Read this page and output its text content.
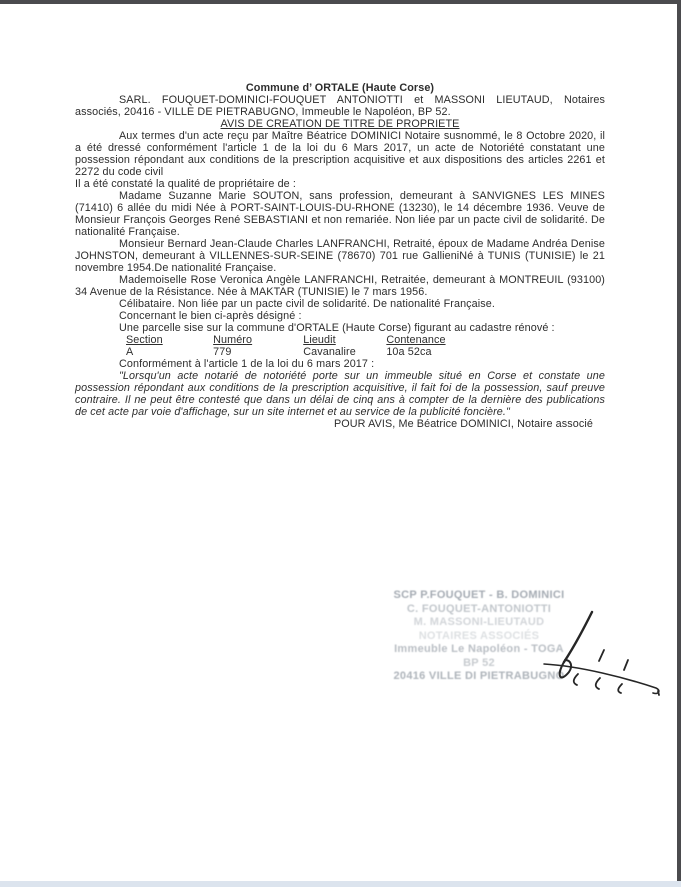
Commune d’ ORTALE (Haute Corse)

SARL. FOUQUET-DOMINICI-FOUQUET ANTONIOTTI et MASSONI LIEUTAUD, Notaires associés, 20416 - VILLE DE PIETRABUGNO, Immeuble le Napoléon, BP 52.

AVIS DE CREATION DE TITRE DE PROPRIETE

Aux termes d'un acte reçu par Maître Béatrice DOMINICI Notaire susnommé, le 8 Octobre 2020, il a été dressé conformément l'article 1 de la loi du 6 Mars 2017, un acte de Notoriété constatant une possession répondant aux conditions de la prescription acquisitive et aux dispositions des articles 2261 et 2272 du code civil

Il a été constaté la qualité de propriétaire de :

Madame Suzanne Marie SOUTON, sans profession, demeurant à SANVIGNES LES MINES (71410) 6 allée du midi Née à PORT-SAINT-LOUIS-DU-RHONE (13230), le 14 décembre 1936. Veuve de Monsieur François Georges René SEBASTIANI et non remariée. Non liée par un pacte civil de solidarité. De nationalité Française.

Monsieur Bernard Jean-Claude Charles LANFRANCHI, Retraité, époux de Madame Andréa Denise JOHNSTON, demeurant à VILLENNES-SUR-SEINE (78670) 701 rue GallieniNé à TUNIS (TUNISIE) le 21 novembre 1954.De nationalité Française.

Mademoiselle Rose Veronica Angèle LANFRANCHI, Retraitée, demeurant à MONTREUIL (93100) 34 Avenue de la Résistance. Née à MAKTAR (TUNISIE) le 7 mars 1956.

Célibataire. Non liée par un pacte civil de solidarité. De nationalité Française.

Concernant le bien ci-après désigné :

Une parcelle sise sur la commune d'ORTALE (Haute Corse) figurant au cadastre rénové :

Section	Numéro	Lieudit	Contenance
A	779	Cavanalire	10a 52ca

Conformément à l'article 1 de la loi du 6 mars 2017 :

"Lorsqu'un acte notarié de notoriété porte sur un immeuble situé en Corse et constate une possession répondant aux conditions de la prescription acquisitive, il fait foi de la possession, sauf preuve contraire. Il ne peut être contesté que dans un délai de cinq ans à compter de la dernière des publications de cet acte par voie d'affichage, sur un site internet et au service de la publicité foncière."

POUR AVIS, Me Béatrice DOMINICI, Notaire associé

SCP P.FOUQUET - B. DOMINICI
C. FOUQUET-ANTONIOTTI
M. MASSONI-LIEUTAUD
NOTAIRES ASSOCIÉS
Immeuble Le Napoléon - TOGA
BP 52
20416 VILLE DI PIETRABUGNO
